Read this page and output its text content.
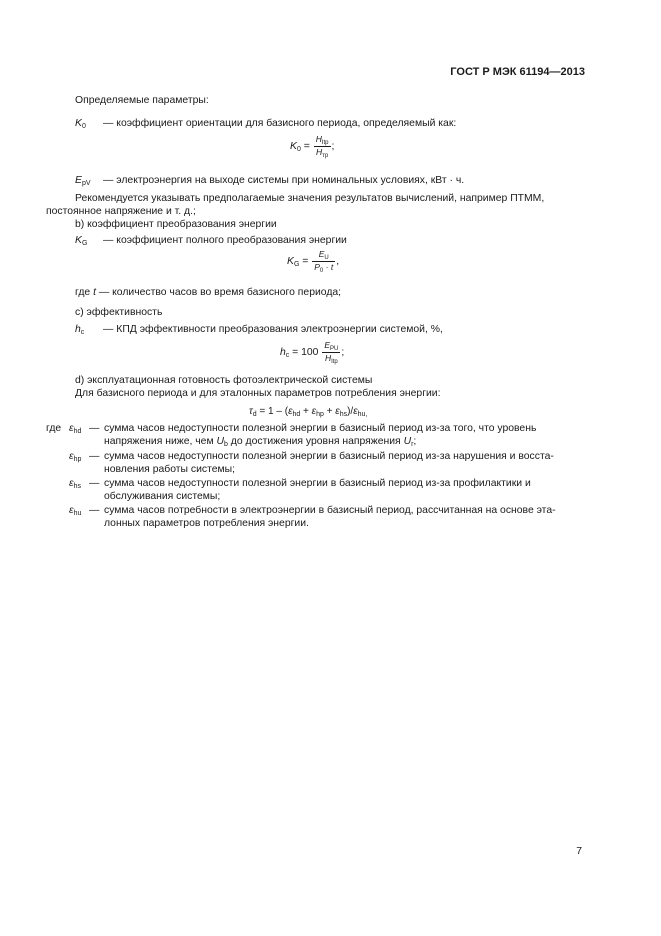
ГОСТ Р МЭК 61194—2013
Определяемые параметры:
$K_0$ — коэффициент ориентации для базисного периода, определяемый как:
$K_0 = \frac{H_{Itp}}{H_{тр}}$ ;
$E_{pV}$ — электроэнергия на выходе системы при номинальных условиях, кВт · ч.
Рекомендуется указывать предполагаемые значения результатов вычислений, например ПТММ,
постоянное напряжение и т. д.;
b) коэффициент преобразования энергии
$K_G$ — коэффициент полного преобразования энергии
$K_G = \frac{E_U}{P_0 \cdot t}$ ,
где t — количество часов во время базисного периода;
c) эффективность
$h_c$ — КПД эффективности преобразования электроэнергии системой, %,
$h_c = 100 \frac{E_{PU}}{H_{Itp}}$ ;
d) эксплуатационная готовность фотоэлектрической системы
Для базисного периода и для эталонных параметров потребления энергии:
$\tau_d = 1 - (\varepsilon_{hd} + \varepsilon_{hp} + \varepsilon_{hs})/\varepsilon_{hu,}$
где $\varepsilon_{hd}$ — сумма часов недоступности полезной энергии в базисный период из-за того, что уровень
напряжения ниже, чем $U_b$ до достижения уровня напряжения $U_r$;
$\varepsilon_{hp}$ — сумма часов недоступности полезной энергии в базисный период из-за нарушения и восста-
новления работы системы;
$\varepsilon_{hs}$ — сумма часов недоступности полезной энергии в базисный период из-за профилактики и
обслуживания системы;
$\varepsilon_{hu}$ — сумма часов потребности в электроэнергии в базисный период, рассчитанная на основе эта-
лонных параметров потребления энергии.
7
